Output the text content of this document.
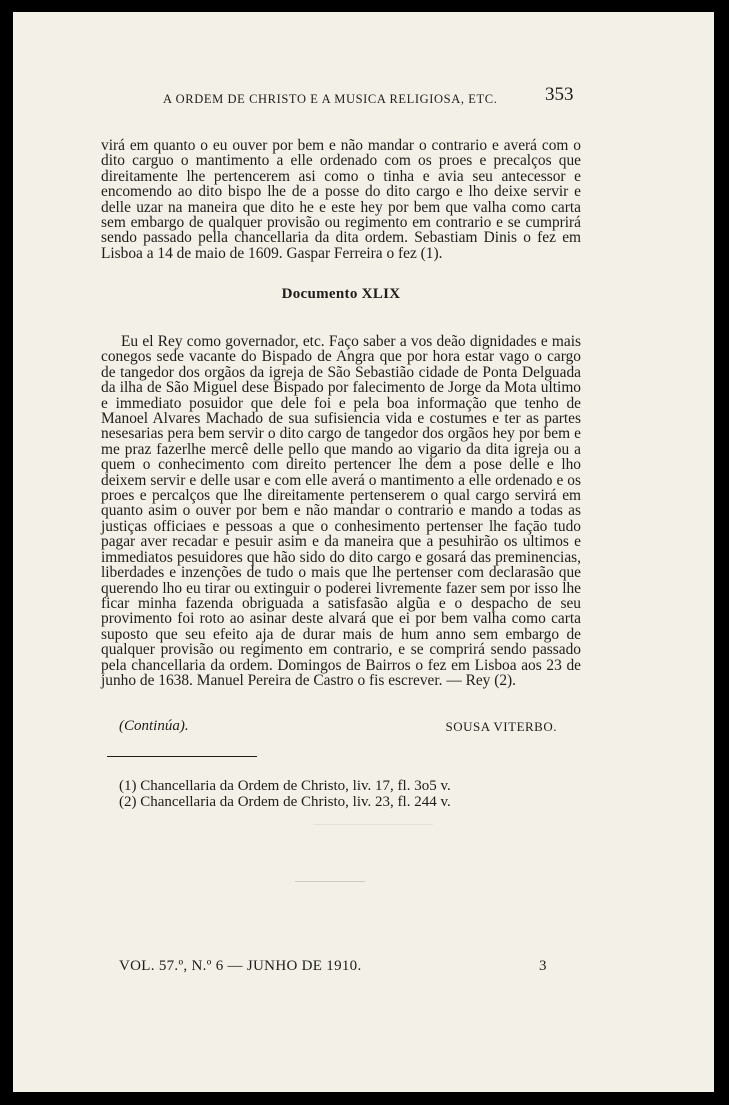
A ORDEM DE CHRISTO E A MUSICA RELIGIOSA, ETC.	353

virá em quanto o eu ouver por bem e não mandar o contrario e averá com o dito carguo o mantimento a elle ordenado com os proes e precalços que direitamente lhe pertencerem asi como o tinha e avia seu antecessor e encomendo ao dito bispo lhe de a posse do dito cargo e lho deixe servir e delle uzar na maneira que dito he e este hey por bem que valha como carta sem embargo de qualquer provisão ou regimento em contrario e se cumprirá sendo passado pella chancellaria da dita ordem. Sebastiam Dinis o fez em Lisboa a 14 de maio de 1609. Gaspar Ferreira o fez (1).

Documento XLIX

Eu el Rey como governador, etc. Faço saber a vos deão dignidades e mais conegos sede vacante do Bispado de Angra que por hora estar vago o cargo de tangedor dos orgãos da igreja de São Sebastião cidade de Ponta Delguada da ilha de São Miguel dese Bispado por falecimento de Jorge da Mota ultimo e immediato posuidor que dele foi e pela boa informação que tenho de Manoel Alvares Machado de sua sufisiencia vida e costumes e ter as partes nesesarias pera bem servir o dito cargo de tangedor dos orgãos hey por bem e me praz fazerlhe mercê delle pello que mando ao vigario da dita igreja ou a quem o conhecimento com direito pertencer lhe dem a pose delle e lho deixem servir e delle usar e com elle averá o mantimento a elle ordenado e os proes e percalços que lhe direitamente pertenserem o qual cargo servirá em quanto asim o ouver por bem e não mandar o contrario e mando a todas as justiças officiaes e pessoas a que o conhesimento pertenser lhe façāo tudo pagar aver recadar e pesuir asim e da maneira que a pesuhirão os ultimos e immediatos pesuidores que hão sido do dito cargo e gosará das preminencias, liberdades e inzenções de tudo o mais que lhe pertenser com declarasão que querendo lho eu tirar ou extinguir o poderei livremente fazer sem por isso lhe ficar minha fazenda obriguada a satisfasão algũa e o despacho de seu provimento foi roto ao asinar deste alvará que ei por bem valha como carta suposto que seu efeito aja de durar mais de hum anno sem embargo de qualquer provisão ou regimento em contrario, e se comprirá sendo passado pela chancellaria da ordem. Domingos de Bairros o fez em Lisboa aos 23 de junho de 1638. Manuel Pereira de Castro o fis escrever. — Rey (2).

(Continúa).	SOUSA VITERBO.
(1) Chancellaria da Ordem de Christo, liv. 17, fl. 3o5 v.
(2) Chancellaria da Ordem de Christo, liv. 23, fl. 244 v.
VOL. 57.º, N.º 6 — JUNHO DE 1910.	3
